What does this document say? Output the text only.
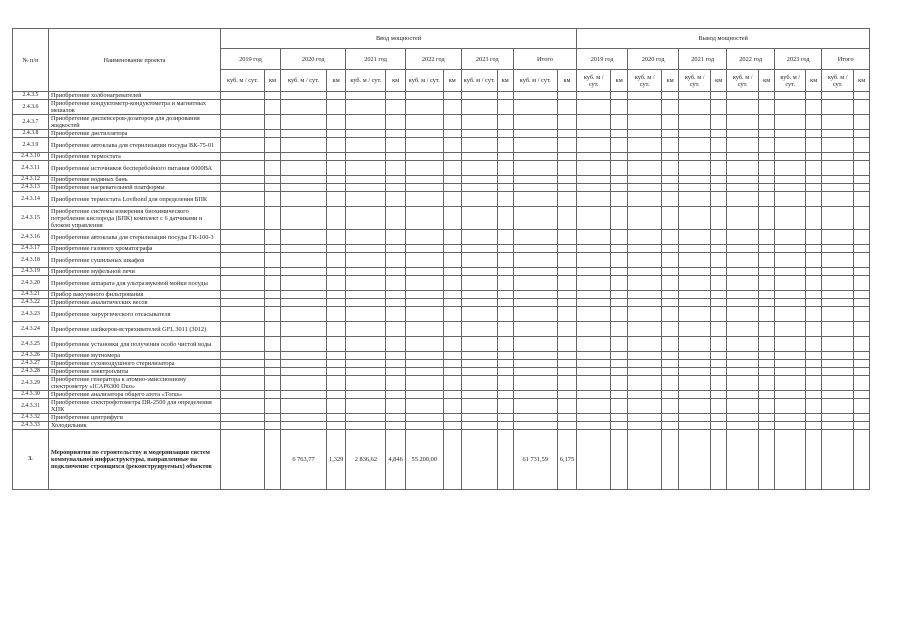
№ п/п	Наименование проекта	Ввод мощностей												Вывод мощностей											
		2019 год		2020 год		2021 год		2022 год		2023 год		Итого		2019 год		2020 год		2021 год		2022 год		2023 год		Итого	
		куб. м / сут.	км	куб. м / сут.	км	куб. м / сут.	км	куб. м / сут.	км	куб. м / сут.	км	куб. м / сут.	км	куб. м / сут.	км	куб. м / сут.	км	куб. м / сут.	км	куб. м / сут.	км	куб. м / сут.	км	куб. м / сут.	км
2.4.3.5	Приобретение холбонагревателей																								
2.4.3.6	Приобретение кондуктометр-кондуктометра и магнитных мешалок																								
2.4.3.7	Приобретение диспенсеров-дозаторов для дозирования жидкостей																								
2.4.3.8	Приобретение дистиллятора																								
2.4.3.9	Приобретение автоклава для стерилизации посуды ВК-75-01																								
2.4.3.10	Приобретение термостата																								
2.4.3.11	Приобретение источников бесперебойного питания 6000ВА																								
2.4.3.12	Приобретение водяных бань																								
2.4.3.13	Приобретение нагревательной платформы																								
2.4.3.14	Приобретение термостата Lovibond для определения БПК																								
2.4.3.15	Приобретение системы измерения биохимического потребления кислорода (БПК) комплект с 6 датчиками и блоком управления																								
2.4.3.16	Приобретение автоклава для стерилизации посуды ГК-100-3																								
2.4.3.17	Приобретение газового хроматографа																								
2.4.3.18	Приобретение сушильных шкафов																								
2.4.3.19	Приобретение муфельной печи																								
2.4.3.20	Приобретение аппарата для ультразвуковой мойки посуды																								
2.4.3.21	Прибор вакуумного фильтрования																								
2.4.3.22	Приобретение аналитических весов																								
2.4.3.23	Приобретение хирургического отсасывателя																								
2.4.3.24	Приобретение шейкеров-встряхивателей GFL 3011 (3012)																								
2.4.3.25	Приобретение установки для получения особо чистой воды																								
2.4.3.26	Приобретение мутномера																								
2.4.3.27	Приобретение суховоздушного стерилизатора																								
2.4.3.28	Приобретение электроплиты																								
2.4.3.29	Приобретение генератора к атомно-эмиссионному спектрометру «ICAP6300 Duo»																								
2.4.3.30	Приобретение анализатора общего азота «Torus»																								
2.4.3.31	Приобретение спектрофотометра DR-2500 для определения ХПК																								
2.4.3.32	Приобретение центрифуги																								
2.4.3.33	Холодильник																								
3.	Мероприятия по строительству и модернизации систем коммунальной инфраструктуры, направленные на подключение строящихся (реконструируемых) объектов			6 763,77	1,329	2 836,62	4,846	55 200,00				61 731,59	6,175												
